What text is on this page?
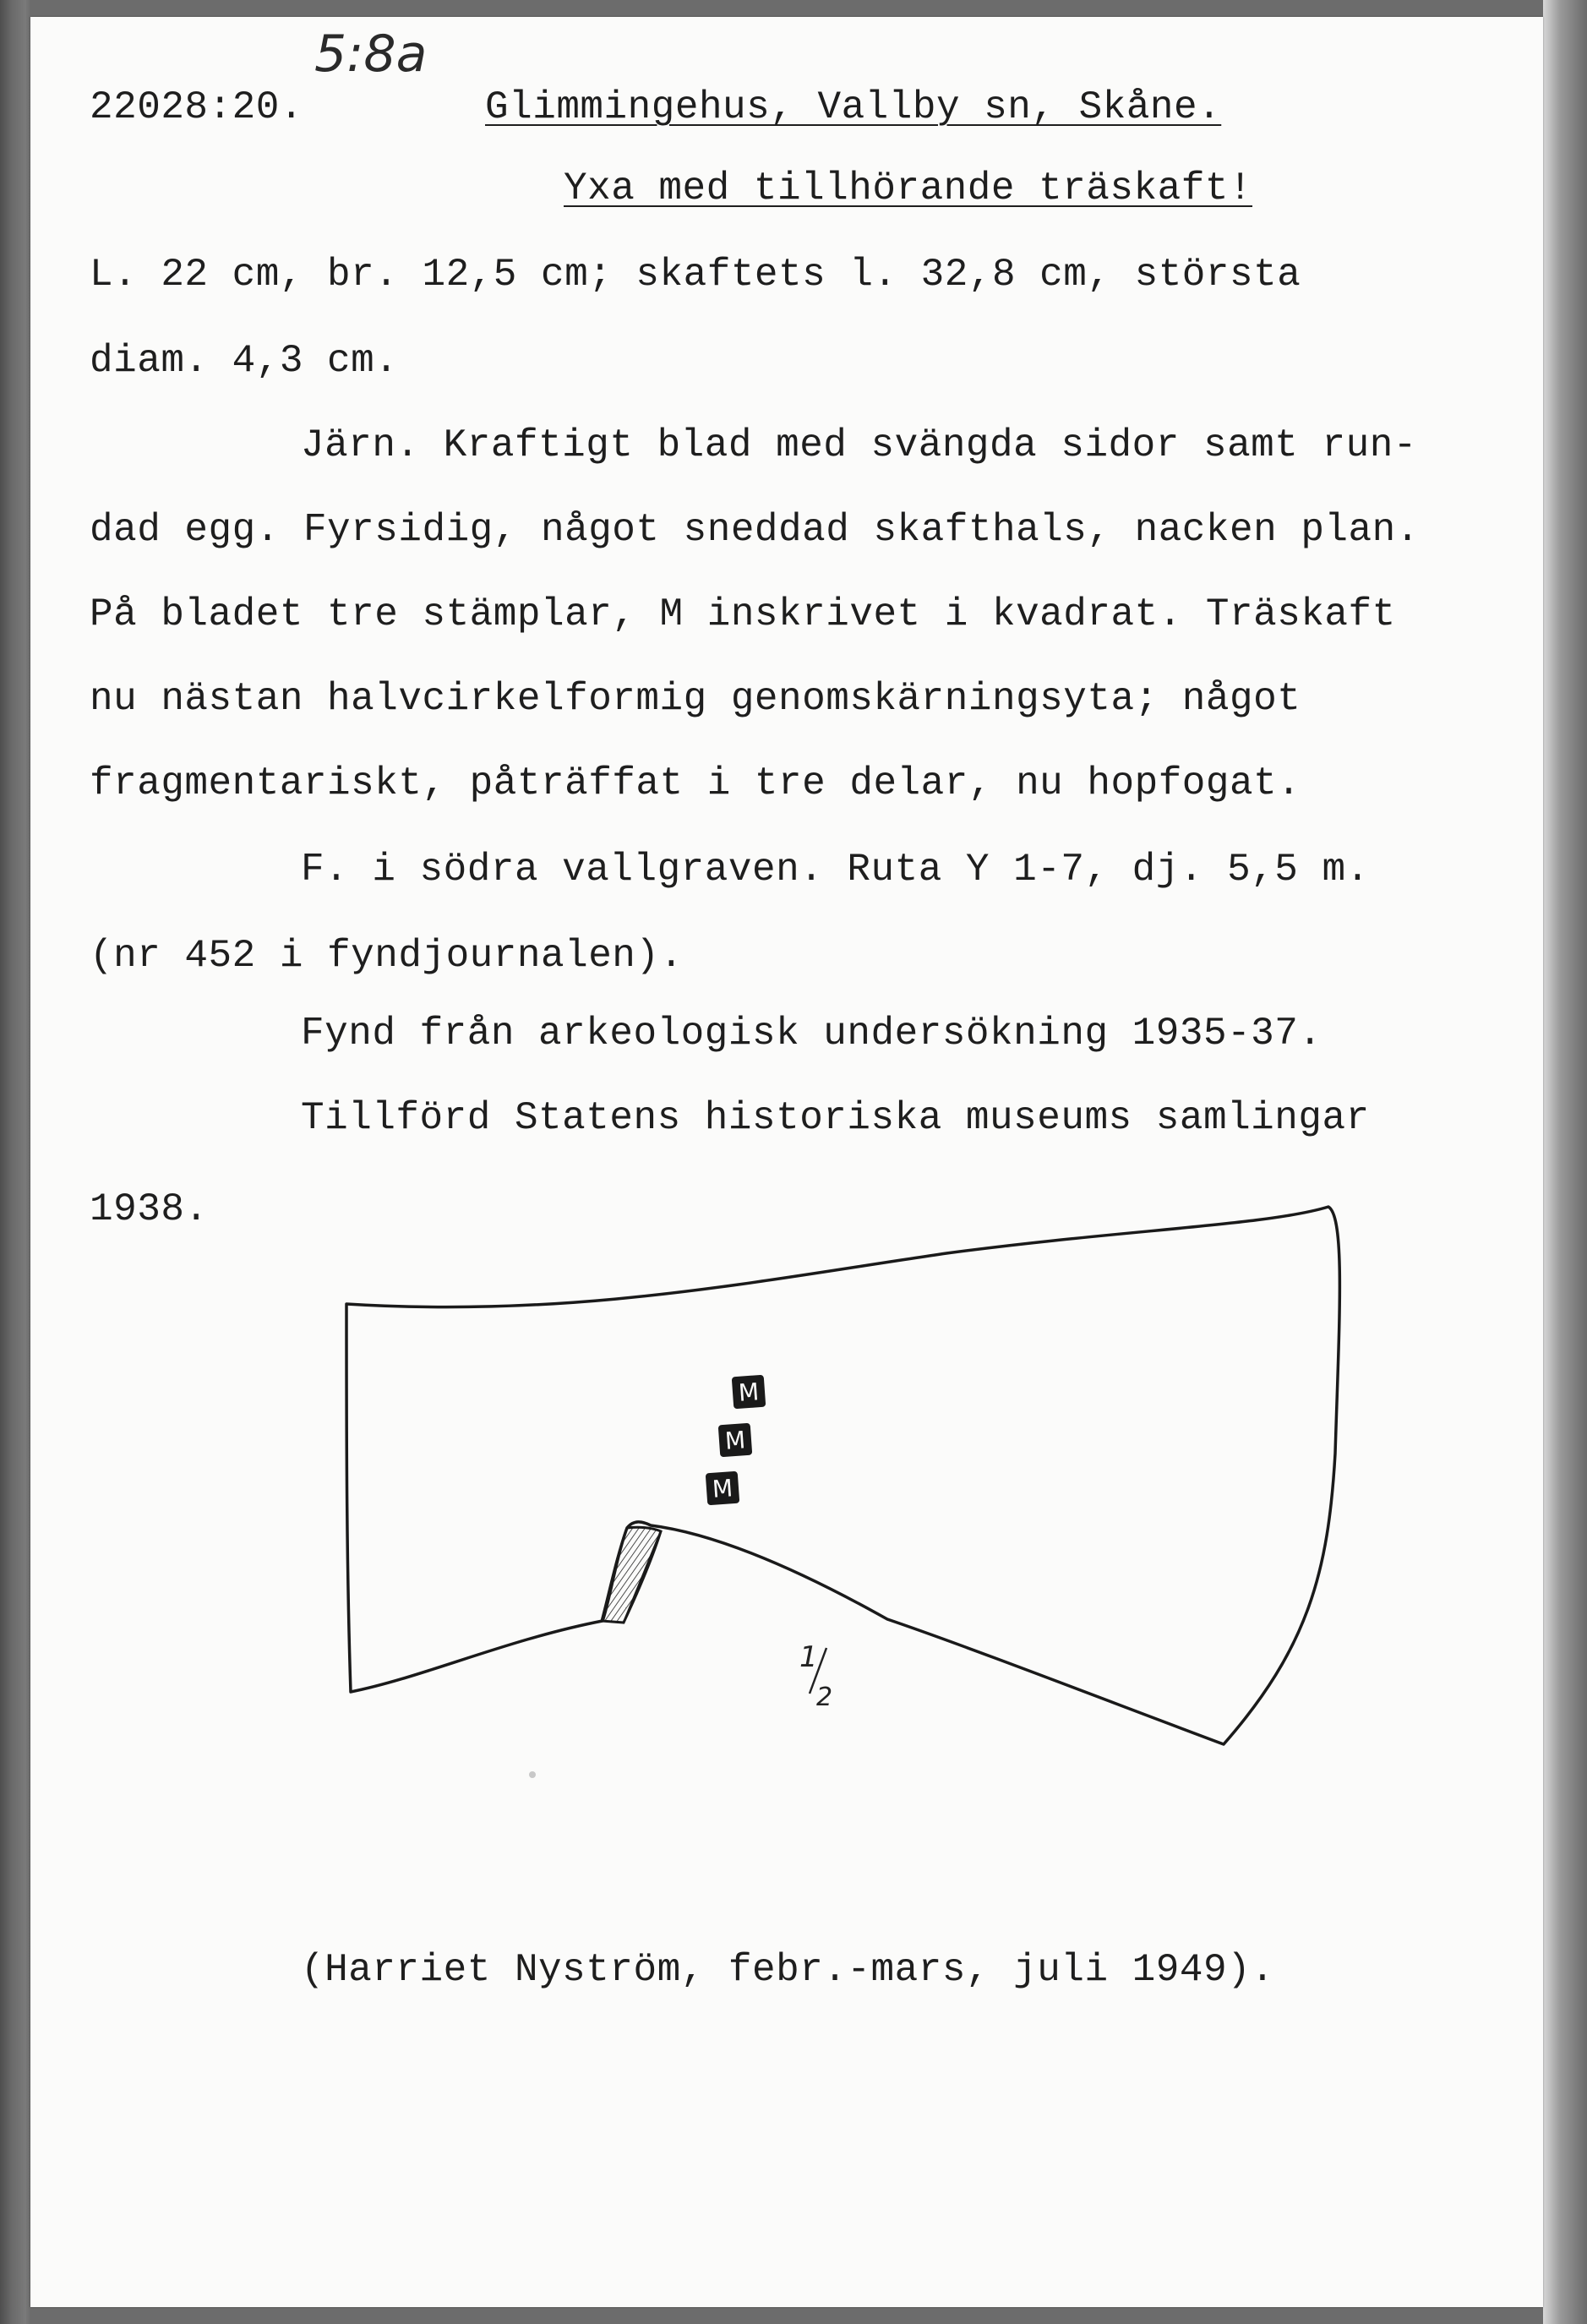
5:8a
22028:20.	Glimmingehus, Vallby sn, Skåne.
Yxa med tillhörande träskaft!
L. 22 cm, br. 12,5 cm; skaftets l. 32,8 cm, största
diam. 4,3 cm.
Järn. Kraftigt blad med svängda sidor samt run-
dad egg. Fyrsidig, något sneddad skafthals, nacken plan.
På bladet tre stämplar, M inskrivet i kvadrat. Träskaft
nu nästan halvcirkelformig genomskärningsyta; något
fragmentariskt, påträffat i tre delar, nu hopfogat.
F. i södra vallgraven. Ruta Y 1-7, dj. 5,5 m.
(nr 452 i fyndjournalen).
Fynd från arkeologisk undersökning 1935-37.
Tillförd Statens historiska museums samlingar
1938.
M
M
M
1
2
(Harriet Nyström, febr.-mars, juli 1949).
